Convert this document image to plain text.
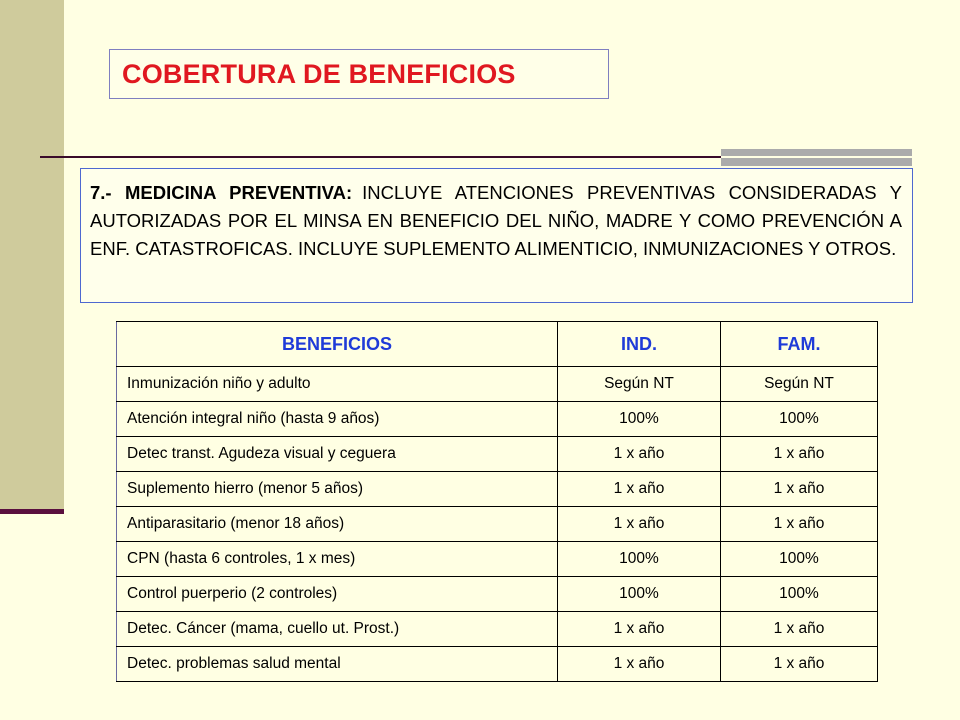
COBERTURA DE BENEFICIOS
7.- MEDICINA PREVENTIVA: INCLUYE ATENCIONES PREVENTIVAS CONSIDERADAS Y AUTORIZADAS POR EL MINSA EN BENEFICIO DEL NIÑO, MADRE Y COMO PREVENCIÓN A ENF. CATASTROFICAS. INCLUYE SUPLEMENTO ALIMENTICIO, INMUNIZACIONES Y OTROS.
BENEFICIOS	IND.	FAM.
Inmunización niño y adulto	Según NT	Según NT
Atención integral niño (hasta 9 años)	100%	100%
Detec transt. Agudeza visual y ceguera	1 x año	1 x año
Suplemento hierro (menor 5 años)	1 x año	1 x año
Antiparasitario (menor 18 años)	1 x año	1 x año
CPN (hasta 6 controles, 1 x mes)	100%	100%
Control puerperio (2 controles)	100%	100%
Detec. Cáncer (mama, cuello ut. Prost.)	1 x año	1 x año
Detec. problemas salud mental	1 x año	1 x año
